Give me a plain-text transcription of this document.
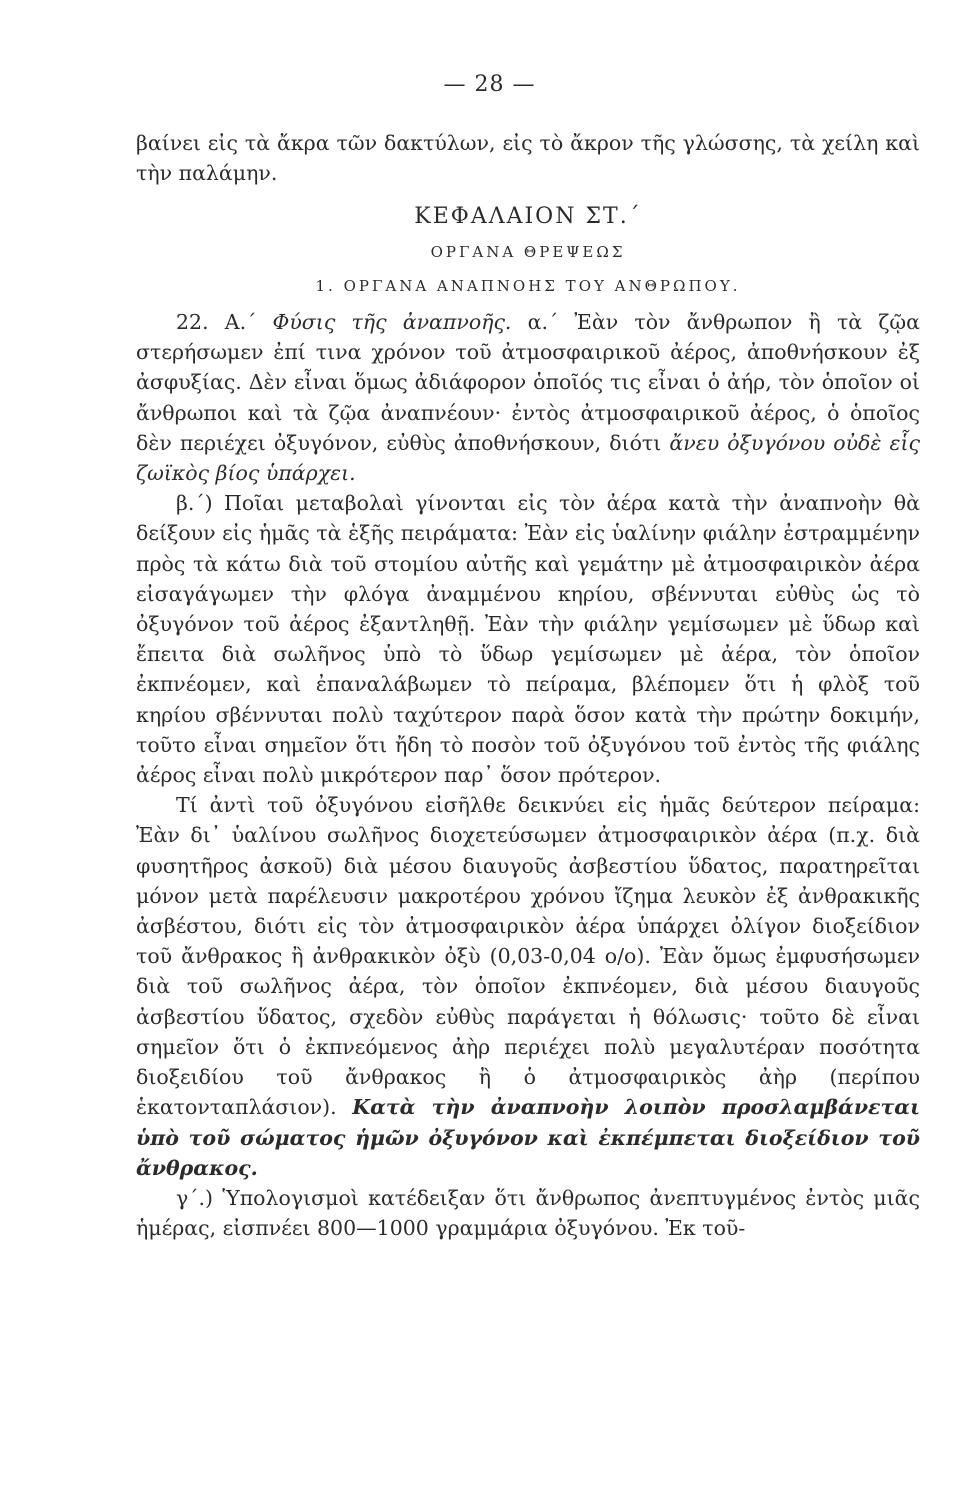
— 28 —

βαίνει εἰς τὰ ἄκρα τῶν δακτύλων, εἰς τὸ ἄκρον τῆς γλώσσης, τὰ χείλη καὶ τὴν παλάμην.

ΚΕΦΑΛΑΙΟΝ ΣΤ.΄
ΟΡΓΑΝΑ ΘΡΕΨΕΩΣ
1. ΟΡΓΑΝΑ ΑΝΑΠΝΟΗΣ ΤΟΥ ΑΝΘΡΩΠΟΥ.

22. Α.΄ Φύσις τῆς ἀναπνοῆς. α.΄ Ἐὰν τὸν ἄνθρωπον ἢ τὰ ζῷα στερήσωμεν ἐπί τινα χρόνον τοῦ ἀτμοσφαιρικοῦ ἀέρος, ἀποθνήσκουν ἐξ ἀσφυξίας. Δὲν εἶναι ὅμως ἀδιάφορον ὁποῖός τις εἶναι ὁ ἀήρ, τὸν ὁποῖον οἱ ἄνθρωποι καὶ τὰ ζῷα ἀναπνέουν· ἐντὸς ἀτμοσφαιρικοῦ ἀέρος, ὁ ὁποῖος δὲν περιέχει ὀξυγόνον, εὐθὺς ἀποθνήσκουν, διότι ἄνευ ὀξυγόνου οὐδὲ εἷς ζωϊκὸς βίος ὑπάρχει.

β.΄) Ποῖαι μεταβολαὶ γίνονται εἰς τὸν ἀέρα κατὰ τὴν ἀναπνοὴν θὰ δείξουν εἰς ἡμᾶς τὰ ἑξῆς πειράματα: Ἐὰν εἰς ὑαλίνην φιάλην ἐστραμμένην πρὸς τὰ κάτω διὰ τοῦ στομίου αὐτῆς καὶ γεμάτην μὲ ἀτμοσφαιρικὸν ἀέρα εἰσαγάγωμεν τὴν φλόγα ἀναμμένου κηρίου, σβέννυται εὐθὺς ὡς τὸ ὀξυγόνον τοῦ ἀέρος ἐξαντληθῇ. Ἐὰν τὴν φιάλην γεμίσωμεν μὲ ὕδωρ καὶ ἔπειτα διὰ σωλῆνος ὑπὸ τὸ ὕδωρ γεμίσωμεν μὲ ἀέρα, τὸν ὁποῖον ἐκπνέομεν, καὶ ἐπαναλάβωμεν τὸ πείραμα, βλέπομεν ὅτι ἡ φλὸξ τοῦ κηρίου σβέννυται πολὺ ταχύτερον παρὰ ὅσον κατὰ τὴν πρώτην δοκιμήν, τοῦτο εἶναι σημεῖον ὅτι ἤδη τὸ ποσὸν τοῦ ὀξυγόνου τοῦ ἐντὸς τῆς φιάλης ἀέρος εἶναι πολὺ μικρότερον παρ᾽ ὅσον πρότερον.

Τί ἀντὶ τοῦ ὀξυγόνου εἰσῆλθε δεικνύει εἰς ἡμᾶς δεύτερον πείραμα: Ἐὰν δι᾽ ὑαλίνου σωλῆνος διοχετεύσωμεν ἀτμοσφαιρικὸν ἀέρα (π.χ. διὰ φυσητῆρος ἀσκοῦ) διὰ μέσου διαυγοῦς ἀσβεστίου ὕδατος, παρατηρεῖται μόνον μετὰ παρέλευσιν μακροτέρου χρόνου ἴζημα λευκὸν ἐξ ἀνθρακικῆς ἀσβέστου, διότι εἰς τὸν ἀτμοσφαιρικὸν ἀέρα ὑπάρχει ὀλίγον διοξείδιον τοῦ ἄνθρακος ἢ ἀνθρακικὸν ὀξὺ (0,03-0,04 ο/ο). Ἐὰν ὅμως ἐμφυσήσωμεν διὰ τοῦ σωλῆνος ἀέρα, τὸν ὁποῖον ἐκπνέομεν, διὰ μέσου διαυγοῦς ἀσβεστίου ὕδατος, σχεδὸν εὐθὺς παράγεται ἡ θόλωσις· τοῦτο δὲ εἶναι σημεῖον ὅτι ὁ ἐκπνεόμενος ἀὴρ περιέχει πολὺ μεγαλυτέραν ποσότητα διοξειδίου τοῦ ἄνθρακος ἢ ὁ ἀτμοσφαιρικὸς ἀὴρ (περίπου ἑκατονταπλάσιον). Κατὰ τὴν ἀναπνοὴν λοιπὸν προσλαμβάνεται ὑπὸ τοῦ σώματος ἡμῶν ὀξυγόνον καὶ ἐκπέμπεται διοξείδιον τοῦ ἄνθρακος.

γ΄.) Ὑπολογισμοὶ κατέδειξαν ὅτι ἄνθρωπος ἀνεπτυγμένος ἐντὸς μιᾶς ἡμέρας, εἰσπνέει 800—1000 γραμμάρια ὀξυγόνου. Ἐκ τοῦ-
